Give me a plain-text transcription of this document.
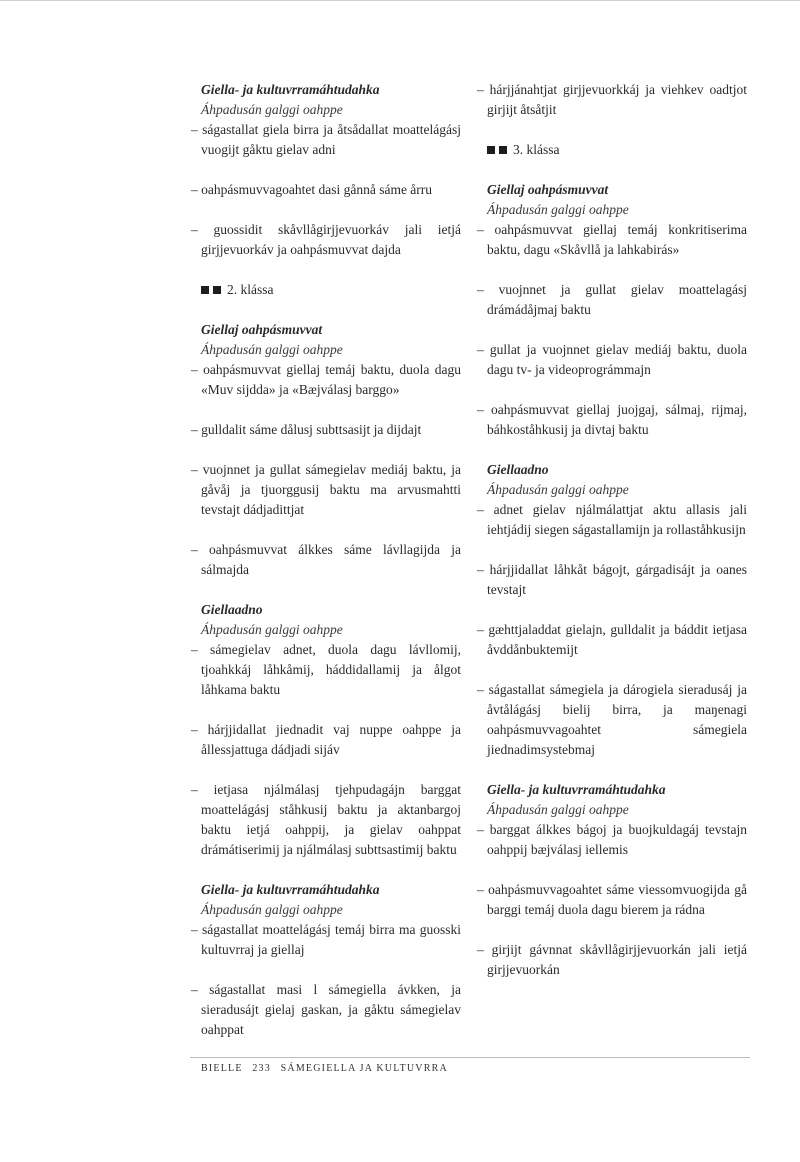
Giella- ja kultuvrramáhtudahka
Áhpadusán galggi oahppe
– ságastallat giela birra ja åtsådallat moattelágásj vuogijt gåktu gielav adni
– oahpásmuvvagoahtet dasi gånnå sáme årru
– guossidit skåvllågirjjevuorkáv jali ietjá girjjevuorkáv ja oahpásmuvvat dajda
2. klássa
Giellaj oahpásmuvvat
Áhpadusán galggi oahppe
– oahpásmuvvat giellaj temáj baktu, duola dagu «Muv sijdda» ja «Bæjválasj barggo»
– gulldalit sáme dålusj subttsasijt ja dijdajt
– vuojnnet ja gullat sámegielav mediáj baktu, ja gåvåj ja tjuorggusij baktu ma arvusmahtti tevstajt dádjadittjat
– oahpásmuvvat álkkes sáme lávllagijda ja sálmajda
Giellaadno
Áhpadusán galggi oahppe
– sámegielav adnet, duola dagu lávllomij, tjoahkkáj låhkåmij, háddidallamij ja ålgot låhkama baktu
– hárjjidallat jiednadit vaj nuppe oahppe ja ållessjattuga dádjadi sijáv
– ietjasa njálmálasj tjehpudagájn barggat moattelágásj ståhkusij baktu ja aktanbargoj baktu ietjá oahppij, ja gielav oahppat drámátiserimij ja njálmálasj subttsastimij baktu
Giella- ja kultuvrramáhtudahka
Áhpadusán galggi oahppe
– ságastallat moattelágásj temáj birra ma guosski kultuvrraj ja giellaj
– ságastallat masi l sámegiella ávkken, ja sieradusájt gielaj gaskan, ja gåktu sámegielav oahppat
– hárjjánahtjat girjjevuorkkáj ja viehkev oadtjot girjijt åtsåtjit
3. klássa
Giellaj oahpásmuvvat
Áhpadusán galggi oahppe
– oahpásmuvvat giellaj temáj konkritiserima baktu, dagu «Skåvllå ja lahkabirás»
– vuojnnet ja gullat gielav moattelagásj drámádåjmaj baktu
– gullat ja vuojnnet gielav mediáj baktu, duola dagu tv- ja videoprográmmajn
– oahpásmuvvat giellaj juojgaj, sálmaj, rijmaj, báhkoståhkusij ja divtaj baktu
Giellaadno
Áhpadusán galggi oahppe
– adnet gielav njálmálattjat aktu allasis jali iehtjádij siegen ságastallamijn ja rollaståhkusijn
– hárjjidallat låhkåt bágojt, gárgadisájt ja oanes tevstajt
– gæhttjaladdat gielajn, gulldalit ja báddit ietjasa åvddånbuktemijt
– ságastallat sámegiela ja dárogiela sieradusáj ja åvtålágásj bielij birra, ja maŋenagi oahpásmuvvagoahtet sámegiela jiednadimsystebmaj
Giella- ja kultuvrramáhtudahka
Áhpadusán galggi oahppe
– barggat álkkes bágoj ja buojkuldagáj tevstajn oahppij bæjválasj iellemis
– oahpásmuvvagoahtet sáme viessomvuogijda gå barggi temáj duola dagu bierem ja rádna
– girjijt gávnnat skåvllågirjjevuorkán jali ietjá girjjevuorkán
BIELLE 233 SÁMEGIELLA JA KULTUVRRA
